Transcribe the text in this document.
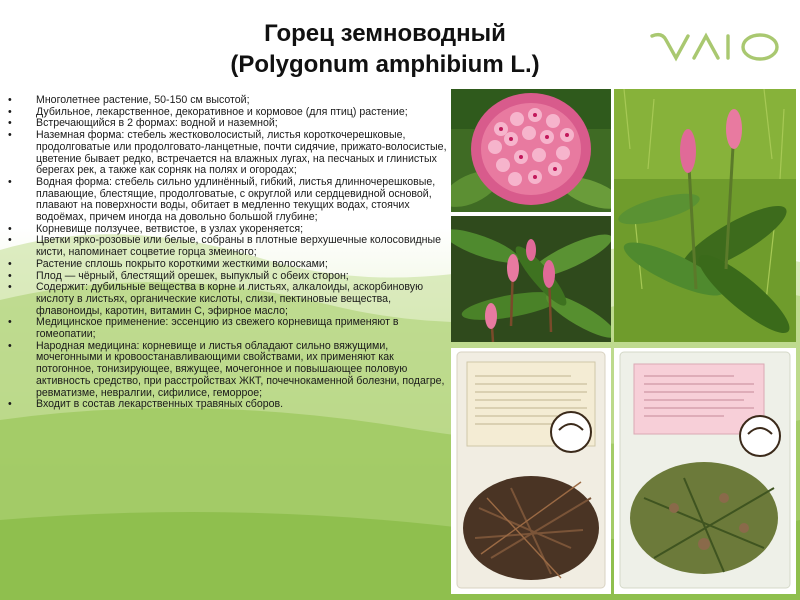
Горец земноводный
(Polygonum amphibium L.)
•	Многолетнее растение, 50-150 см высотой;
•	Дубильное, лекарственное, декоративное и кормовое (для птиц) растение;
•	Встречающийся в 2 формах: водной и наземной;
•	Наземная форма: стебель жестковолосистый, листья короткочерешковые, продолговатые или продолговато-ланцетные, почти сидячие, прижато-волосистые, цветение бывает редко, встречается на влажных лугах, на песчаных и глинистых берегах рек, а также как сорняк на полях и огородах;
•	Водная форма: стебель сильно удлинённый, гибкий, листья длинночерешковые, плавающие, блестящие, продолговатые, с округлой или сердцевидной основой, плавают на поверхности воды, обитает в медленно текущих водах, стоячих водоёмах, причем иногда на довольно большой глубине;
•	Корневище ползучее, ветвистое, в узлах укореняется;
•	Цветки ярко-розовые или белые, собраны в плотные верхушечные колосовидные кисти, напоминает соцветие горца змеиного;
•	Растение сплошь покрыто короткими жесткими волосками;
•	Плод — чёрный, блестящий орешек, выпуклый с обеих сторон;
•	Содержит: дубильные вещества в корне и листьях, алкалоиды, аскорбиновую кислоту в листьях, органические кислоты, слизи, пектиновые вещества, флавоноиды, каротин, витамин С, эфирное масло;
•	Медицинское применение: эссенцию из свежего корневища применяют в гомеопатии;
•	Народная медицина: корневище и листья обладают сильно вяжущими, мочегонными и кровоостанавливающими свойствами, их применяют как потогонное, тонизирующее, вяжущее, мочегонное и повышающее половую активность средство, при расстройствах ЖКТ, почечнокаменной болезни, подагре, ревматизме, невралгии, сифилисе, геморрое;
•	Входит в состав лекарственных травяных сборов.
